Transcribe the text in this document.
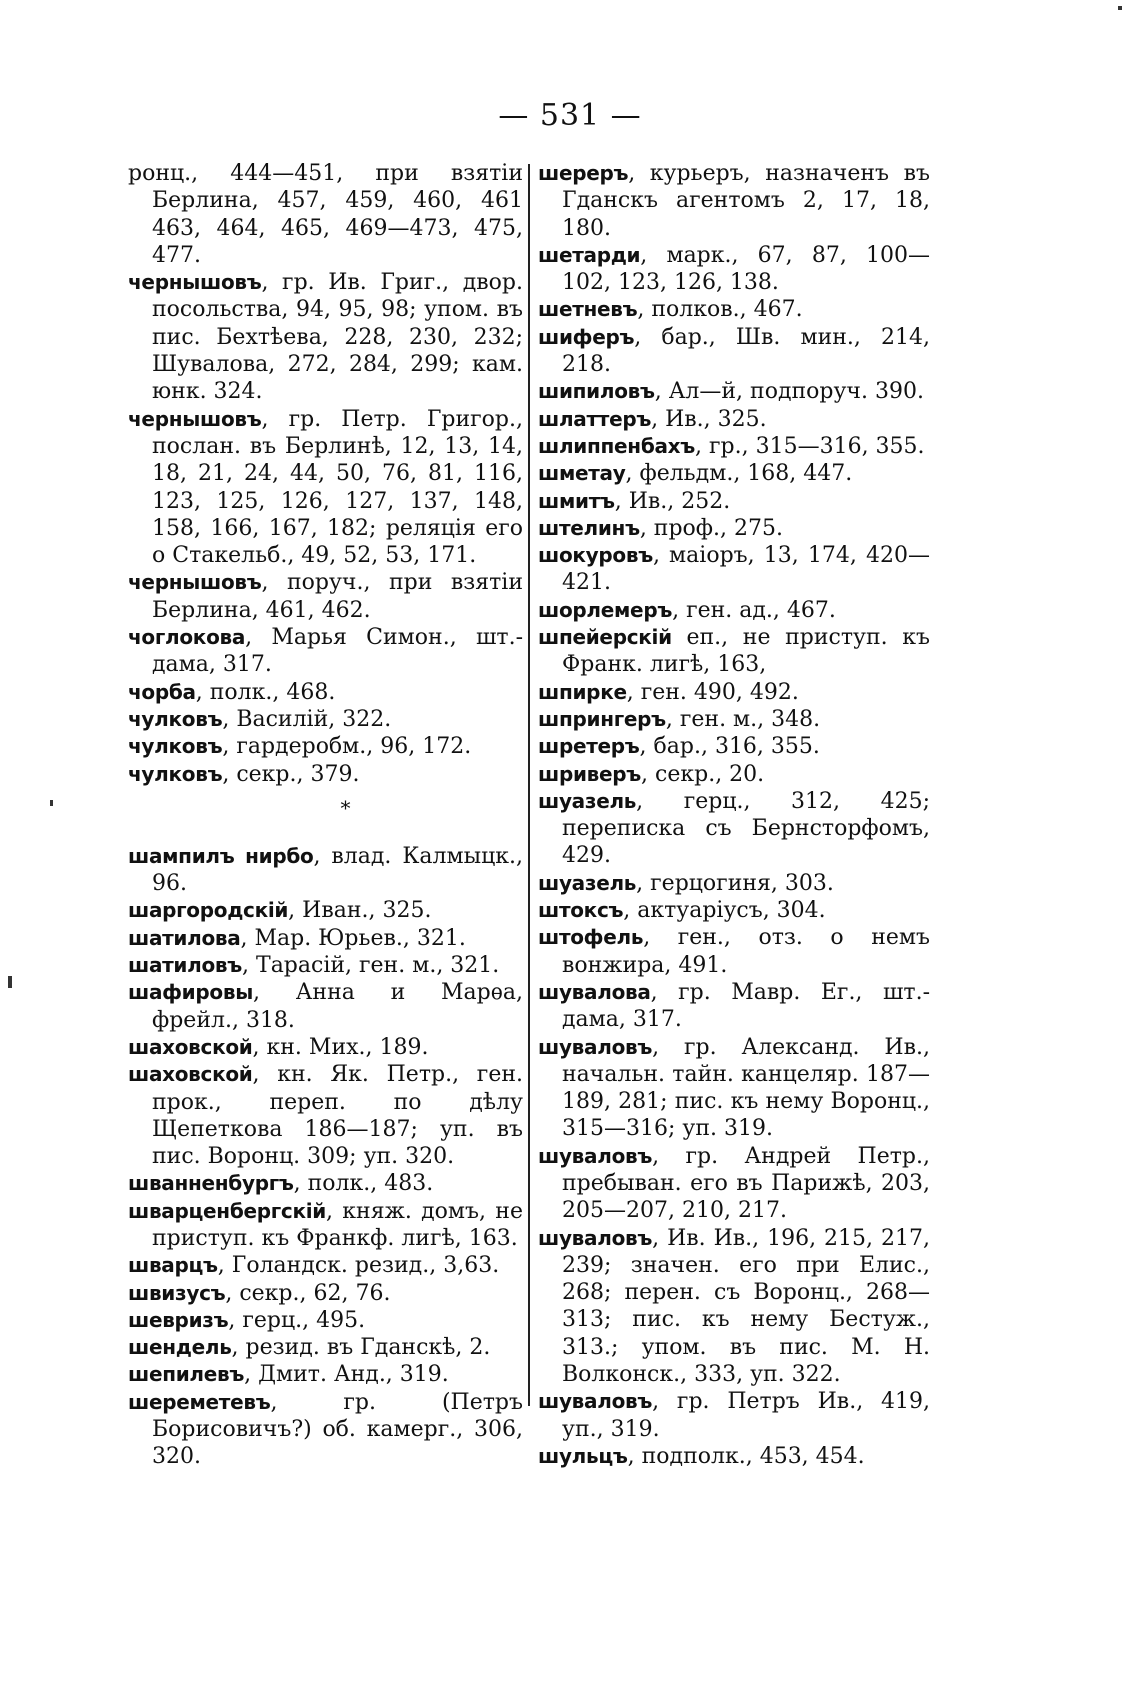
— 531 —

ронц., 444—451, при взятіи Берлина, 457, 459, 460, 461 463, 464, 465, 469—473, 475, 477.

чернышовъ, гр. Ив. Григ., двор. посольства, 94, 95, 98; упом. въ пис. Бехтѣева, 228, 230, 232; Шувалова, 272, 284, 299; кам. юнк. 324.

чернышовъ, гр. Петр. Григор., послан. въ Берлинѣ, 12, 13, 14, 18, 21, 24, 44, 50, 76, 81, 116, 123, 125, 126, 127, 137, 148, 158, 166, 167, 182; реляція его о Стакельб., 49, 52, 53, 171.

чернышовъ, поруч., при взятіи Берлина, 461, 462.

чоглокова, Марья Симон., шт.-дама, 317.

чорба, полк., 468.

чулковъ, Василій, 322.

чулковъ, гардеробм., 96, 172.

чулковъ, секр., 379.

*

шампилъ нирбо, влад. Калмыцк., 96.

шаргородскій, Иван., 325.

шатилова, Мар. Юрьев., 321.

шатиловъ, Тарасій, ген. м., 321.

шафировы, Анна и Марѳа, фрейл., 318.

шаховской, кн. Мих., 189.

шаховской, кн. Як. Петр., ген. прок., переп. по дѣлу Щепеткова 186—187; уп. въ пис. Воронц. 309; уп. 320.

шванненбургъ, полк., 483.

шварценбергскій, княж. домъ, не приступ. къ Франкф. лигѣ, 163.

шварцъ, Голандск. резид., 3,63.

швизусъ, секр., 62, 76.

шевризъ, герц., 495.

шендель, резид. въ Гданскѣ, 2.

шепилевъ, Дмит. Анд., 319.

шереметевъ, гр. (Петръ Борисовичъ?) об. камерг., 306, 320.

шереръ, курьеръ, назначенъ въ Гданскъ агентомъ 2, 17, 18, 180.

шетарди, марк., 67, 87, 100—102, 123, 126, 138.

шетневъ, полков., 467.

шиферъ, бар., Шв. мин., 214, 218.

шипиловъ, Ал—й, подпоруч. 390.

шлаттеръ, Ив., 325.

шлиппенбахъ, гр., 315—316, 355.

шметау, фельдм., 168, 447.

шмитъ, Ив., 252.

штелинъ, проф., 275.

шокуровъ, маіоръ, 13, 174, 420—421.

шорлемеръ, ген. ад., 467.

шпейерскій еп., не приступ. къ Франк. лигѣ, 163,

шпирке, ген. 490, 492.

шпрингеръ, ген. м., 348.

шретеръ, бар., 316, 355.

шриверъ, секр., 20.

шуазель, герц., 312, 425; переписка съ Бернсторфомъ, 429.

шуазель, герцогиня, 303.

штоксъ, актуаріусъ, 304.

штофель, ген., отз. о немъ вонжира, 491.

шувалова, гр. Мавр. Ег., шт.-дама, 317.

шуваловъ, гр. Александ. Ив., начальн. тайн. канцеляр. 187—189, 281; пис. къ нему Воронц., 315—316; уп. 319.

шуваловъ, гр. Андрей Петр., пребыван. его въ Парижѣ, 203, 205—207, 210, 217.

шуваловъ, Ив. Ив., 196, 215, 217, 239; значен. его при Елис., 268; перен. съ Воронц., 268—313; пис. къ нему Бестуж., 313.; упом. въ пис. М. Н. Волконск., 333, уп. 322.

шуваловъ, гр. Петръ Ив., 419, уп., 319.

шульцъ, подполк., 453, 454.
